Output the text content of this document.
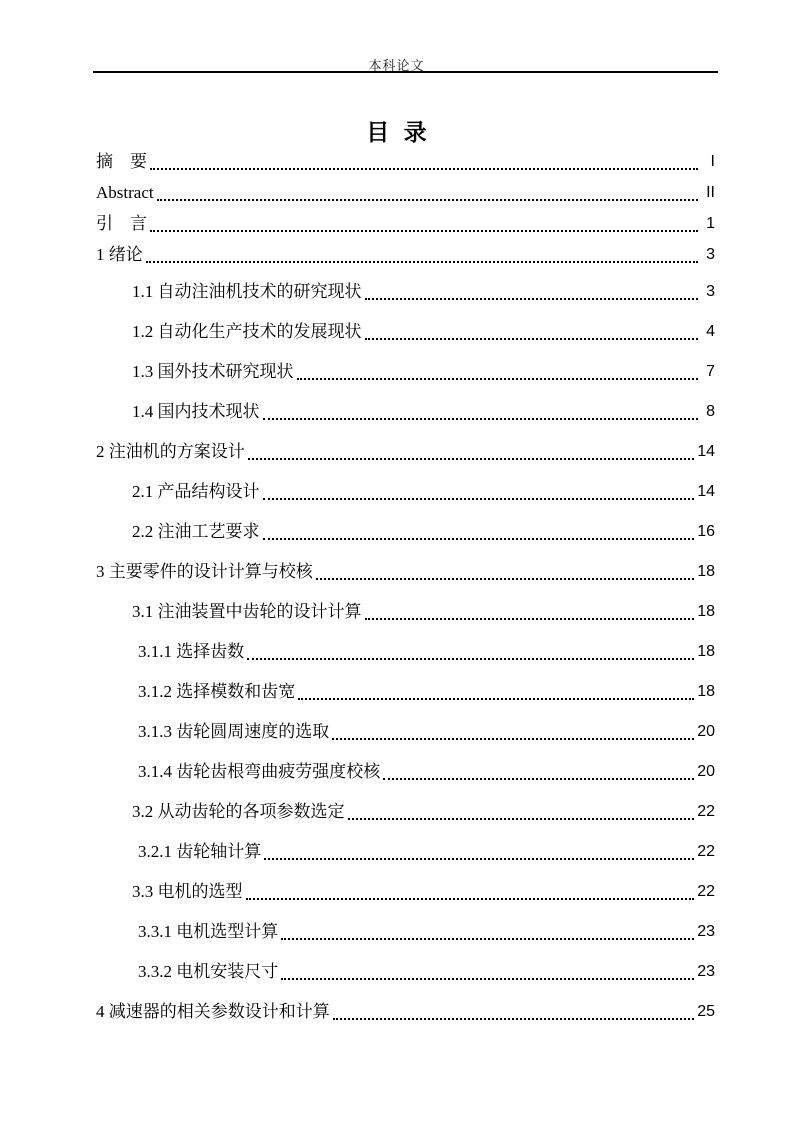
本科论文
目 录
摘　要	I
Abstract	II
引　言	1
1 绪论	3
1.1 自动注油机技术的研究现状	3
1.2 自动化生产技术的发展现状	4
1.3 国外技术研究现状	7
1.4 国内技术现状	8
2 注油机的方案设计	14
2.1 产品结构设计	14
2.2 注油工艺要求	16
3 主要零件的设计计算与校核	18
3.1 注油装置中齿轮的设计计算	18
3.1.1 选择齿数	18
3.1.2 选择模数和齿宽	18
3.1.3 齿轮圆周速度的选取	20
3.1.4 齿轮齿根弯曲疲劳强度校核	20
3.2 从动齿轮的各项参数选定	22
3.2.1 齿轮轴计算	22
3.3 电机的选型	22
3.3.1 电机选型计算	23
3.3.2 电机安装尺寸	23
4 减速器的相关参数设计和计算	25
